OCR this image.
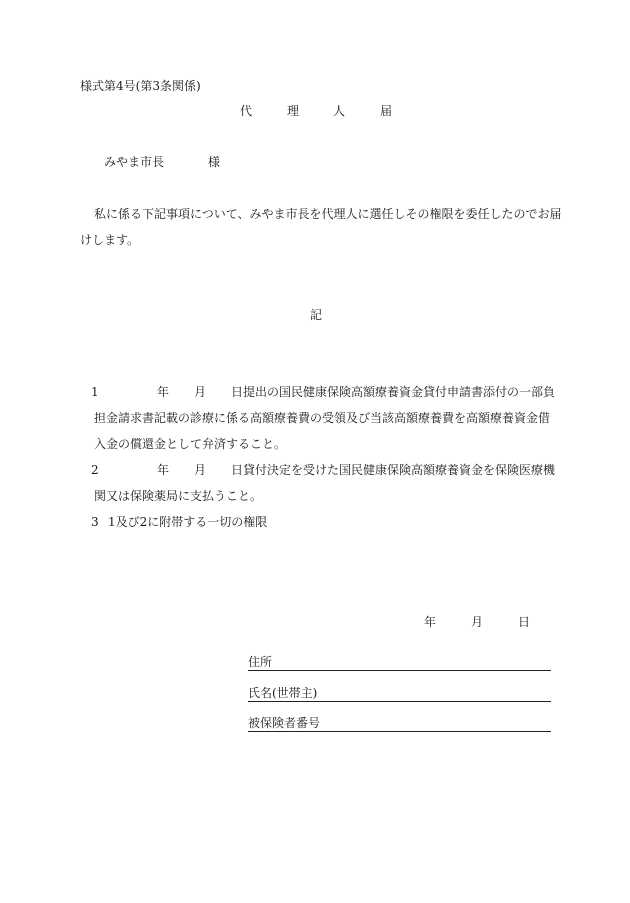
様式第4号(第3条関係)
代	理	人	届
みやま市長	様
私に係る下記事項について、みやま市長を代理人に選任しその権限を委任したのでお届
けします。
記
1	年 月 日提出の国民健康保険高額療養資金貸付申請書添付の一部負
担金請求書記載の診療に係る高額療養費の受領及び当該高額療養費を高額療養資金借
入金の償還金として弁済すること。
2	年 月 日貸付決定を受けた国民健康保険高額療養資金を保険医療機
関又は保険薬局に支払うこと。
3 1及び2に附帯する一切の権限
年	月	日
住所
氏名(世帯主)
被保険者番号
